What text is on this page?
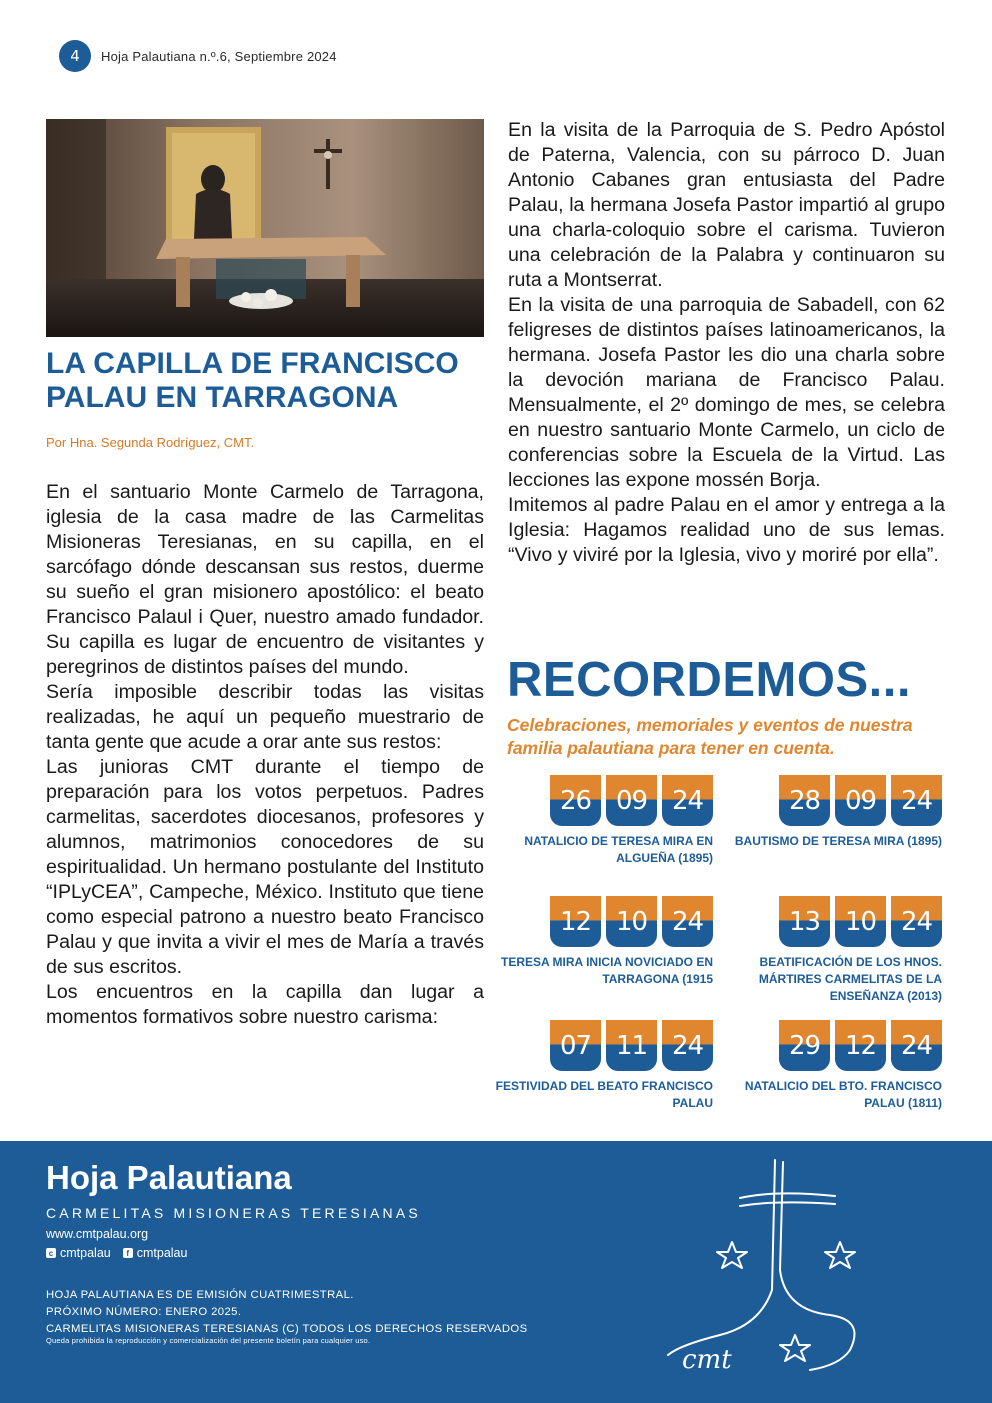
4	Hoja Palautiana n.º.6, Septiembre 2024
LA CAPILLA DE FRANCISCO PALAU EN TARRAGONA
Por Hna. Segunda Rodríguez, CMT.

En el santuario Monte Carmelo de Tarragona, iglesia de la casa madre de las Carmelitas Misioneras Teresianas, en su capilla, en el sarcófago dónde descansan sus restos, duerme su sueño el gran misionero apostólico: el beato Francisco Palaul i Quer, nuestro amado fundador. Su capilla es lugar de encuentro de visitantes y peregrinos de distintos países del mundo.

Sería imposible describir todas las visitas realizadas, he aquí un pequeño muestrario de tanta gente que acude a orar ante sus restos:

Las junioras CMT durante el tiempo de preparación para los votos perpetuos. Padres carmelitas, sacerdotes diocesanos, profesores y alumnos, matrimonios conocedores de su espiritualidad. Un hermano postulante del Instituto “IPLyCEA”, Campeche, México. Instituto que tiene como especial patrono a nuestro beato Francisco Palau y que invita a vivir el mes de María a través de sus escritos.

Los encuentros en la capilla dan lugar a momentos formativos sobre nuestro carisma:

En la visita de la Parroquia de S. Pedro Apóstol de Paterna, Valencia, con su párroco D. Juan Antonio Cabanes gran entusiasta del Padre Palau, la hermana Josefa Pastor impartió al grupo una charla-coloquio sobre el carisma. Tuvieron una celebración de la Palabra y continuaron su ruta a Montserrat.

En la visita de una parroquia de Sabadell, con 62 feligreses de distintos países latinoamericanos, la hermana. Josefa Pastor les dio una charla sobre la devoción mariana de Francisco Palau. Mensualmente, el 2º domingo de mes, se celebra en nuestro santuario Monte Carmelo, un ciclo de conferencias sobre la Escuela de la Virtud. Las lecciones las expone mossén Borja.

Imitemos al padre Palau en el amor y entrega a la Iglesia: Hagamos realidad uno de sus lemas. “Vivo y viviré por la Iglesia, vivo y moriré por ella”.

RECORDEMOS...
Celebraciones, memoriales y eventos de nuestra familia palautiana para tener en cuenta.
26 09 24
NATALICIO DE TERESA MIRA EN ALGUEÑA (1895)
28 09 24
BAUTISMO DE TERESA MIRA (1895)
12 10 24
TERESA MIRA INICIA NOVICIADO EN TARRAGONA (1915
13 10 24
BEATIFICACIÓN DE LOS HNOS. MÁRTIRES CARMELITAS DE LA ENSEÑANZA (2013)
07 11 24
FESTIVIDAD DEL BEATO FRANCISCO PALAU
29 12 24
NATALICIO DEL BTO. FRANCISCO PALAU (1811)
Hoja Palautiana
CARMELITAS MISIONERAS TERESIANAS
www.cmtpalau.org
c cmtpalau	f cmtpalau
HOJA PALAUTIANA ES DE EMISIÓN CUATRIMESTRAL.
PRÓXIMO NÚMERO: ENERO 2025.
CARMELITAS MISIONERAS TERESIANAS (C) TODOS LOS DERECHOS RESERVADOS
Queda prohibida la reproducción y comercialización del presente boletín para cualquier uso.
cmt
